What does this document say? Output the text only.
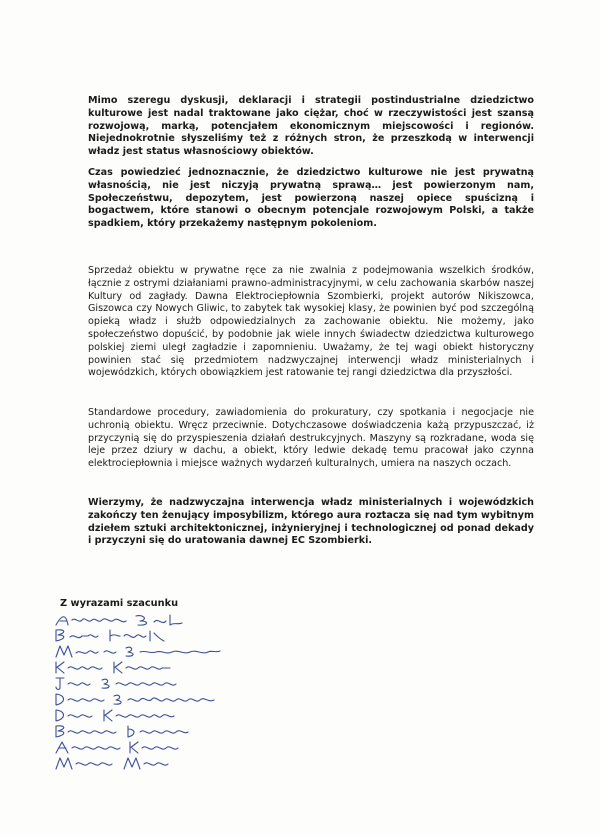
Mimo szeregu dyskusji, deklaracji i strategii postindustrialne dziedzictwo kulturowe jest nadal traktowane jako ciężar, choć w rzeczywistości jest szansą rozwojową, marką, potencjałem ekonomicznym miejscowości i regionów. Niejednokrotnie słyszeliśmy też z różnych stron, że przeszkodą w interwencji władz jest status własnościowy obiektów.

Czas powiedzieć jednoznacznie, że dziedzictwo kulturowe nie jest prywatną własnością, nie jest niczyją prywatną sprawą… jest powierzonym nam, Społeczeństwu, depozytem, jest powierzoną naszej opiece spuścizną i bogactwem, które stanowi o obecnym potencjale rozwojowym Polski, a także spadkiem, który przekażemy następnym pokoleniom.

Sprzedaż obiektu w prywatne ręce za nie zwalnia z podejmowania wszelkich środków, łącznie z ostrymi działaniami prawno-administracyjnymi, w celu zachowania skarbów naszej Kultury od zagłady. Dawna Elektrociepłownia Szombierki, projekt autorów Nikiszowca, Giszowca czy Nowych Gliwic, to zabytek tak wysokiej klasy, że powinien być pod szczególną opieką władz i służb odpowiedzialnych za zachowanie obiektu. Nie możemy, jako społeczeństwo dopuścić, by podobnie jak wiele innych świadectw dziedzictwa kulturowego polskiej ziemi uległ zagładzie i zapomnieniu. Uważamy, że tej wagi obiekt historyczny powinien stać się przedmiotem nadzwyczajnej interwencji władz ministerialnych i wojewódzkich, których obowiązkiem jest ratowanie tej rangi dziedzictwa dla przyszłości.

Standardowe procedury, zawiadomienia do prokuratury, czy spotkania i negocjacje nie uchronią obiektu. Wręcz przeciwnie. Dotychczasowe doświadczenia każą przypuszczać, iż przyczynią się do przyspieszenia działań destrukcyjnych. Maszyny są rozkradane, woda się leje przez dziury w dachu, a obiekt, który ledwie dekadę temu pracował jako czynna elektrociepłownia i miejsce ważnych wydarzeń kulturalnych, umiera na naszych oczach.

Wierzymy, że nadzwyczajna interwencja władz ministerialnych i wojewódzkich zakończy ten żenujący imposybilizm, którego aura roztacza się nad tym wybitnym dziełem sztuki architektonicznej, inżynieryjnej i technologicznej od ponad dekady i przyczyni się do uratowania dawnej EC Szombierki.

Z wyrazami szacunku
